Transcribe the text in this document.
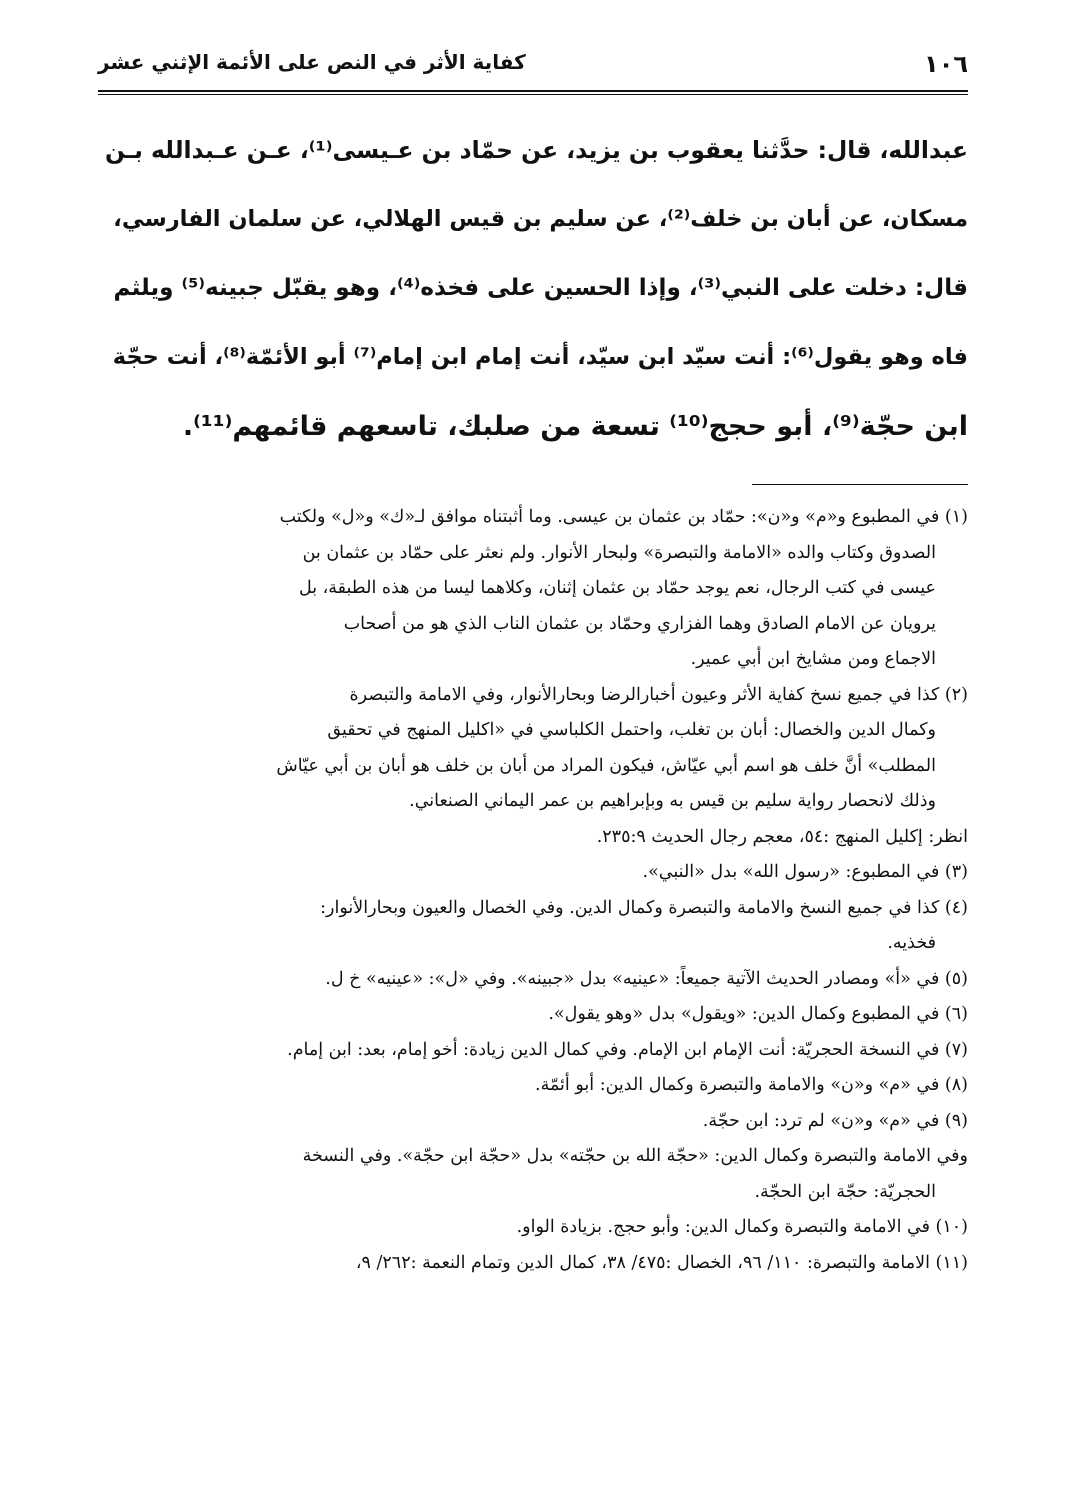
١٠٦
كفاية الأثر في النص على الأئمة الإثني عشر

عبدالله، قال: حدَّثنا يعقوب بن يزيد، عن حمّاد بن عـيسى⁽¹⁾، عـن عـبدالله بـن

مسكان، عن أبان بن خلف⁽²⁾، عن سليم بن قيس الهلالي، عن سلمان الفارسي،

قال: دخلت على النبي⁽³⁾، وإذا الحسين على فخذه⁽⁴⁾، وهو يقبّل جبينه⁽⁵⁾ ويلثم

فاه وهو يقول⁽⁶⁾: أنت سيّد ابن سيّد، أنت إمام ابن إمام⁽⁷⁾ أبو الأئمّة⁽⁸⁾، أنت حجّة

ابن حجّة⁽⁹⁾، أبو حجج⁽¹⁰⁾ تسعة من صلبك، تاسعهم قائمهم⁽¹¹⁾.

(١) في المطبوع و«م» و«ن»: حمّاد بن عثمان بن عيسى. وما أثبتناه موافق لـ«ك» و«ل» ولكتب
الصدوق وكتاب والده «الامامة والتبصرة» ولبحار الأنوار. ولم نعثر على حمّاد بن عثمان بن
عيسى في كتب الرجال، نعم يوجد حمّاد بن عثمان إثنان، وكلاهما ليسا من هذه الطبقة، بل
يرويان عن الامام الصادق وهما الفزاري وحمّاد بن عثمان الناب الذي هو من أصحاب
الاجماع ومن مشايخ ابن أبي عمير.
(٢) كذا في جميع نسخ كفاية الأثر وعيون أخبارالرضا وبحارالأنوار، وفي الامامة والتبصرة
وكمال الدين والخصال: أبان بن تغلب، واحتمل الكلباسي في «اكليل المنهج في تحقيق
المطلب» أنَّ خلف هو اسم أبي عيّاش، فيكون المراد من أبان بن خلف هو أبان بن أبي عيّاش
وذلك لانحصار رواية سليم بن قيس به وبإبراهيم بن عمر اليماني الصنعاني.
انظر: إكليل المنهج :٥٤، معجم رجال الحديث ٢٣٥:٩.
(٣) في المطبوع: «رسول الله» بدل «النبي».
(٤) كذا في جميع النسخ والامامة والتبصرة وكمال الدين. وفي الخصال والعيون وبحارالأنوار:
فخذيه.
(٥) في «أ» ومصادر الحديث الآتية جميعاً: «عينيه» بدل «جبينه». وفي «ل»: «عينيه» خ ل.
(٦) في المطبوع وكمال الدين: «ويقول» بدل «وهو يقول».
(٧) في النسخة الحجريّة: أنت الإمام ابن الإمام. وفي كمال الدين زيادة: أخو إمام، بعد: ابن إمام.
(٨) في «م» و«ن» والامامة والتبصرة وكمال الدين: أبو أئمّة.
(٩) في «م» و«ن» لم ترد: ابن حجّة.
وفي الامامة والتبصرة وكمال الدين: «حجّة الله بن حجّته» بدل «حجّة ابن حجّة». وفي النسخة
الحجريّة: حجّة ابن الحجّة.
(١٠) في الامامة والتبصرة وكمال الدين: وأبو حجج. بزيادة الواو.
(١١) الامامة والتبصرة: ١١٠/ ٩٦، الخصال :٤٧٥/ ٣٨، كمال الدين وتمام النعمة :٢٦٢/ ٩،
